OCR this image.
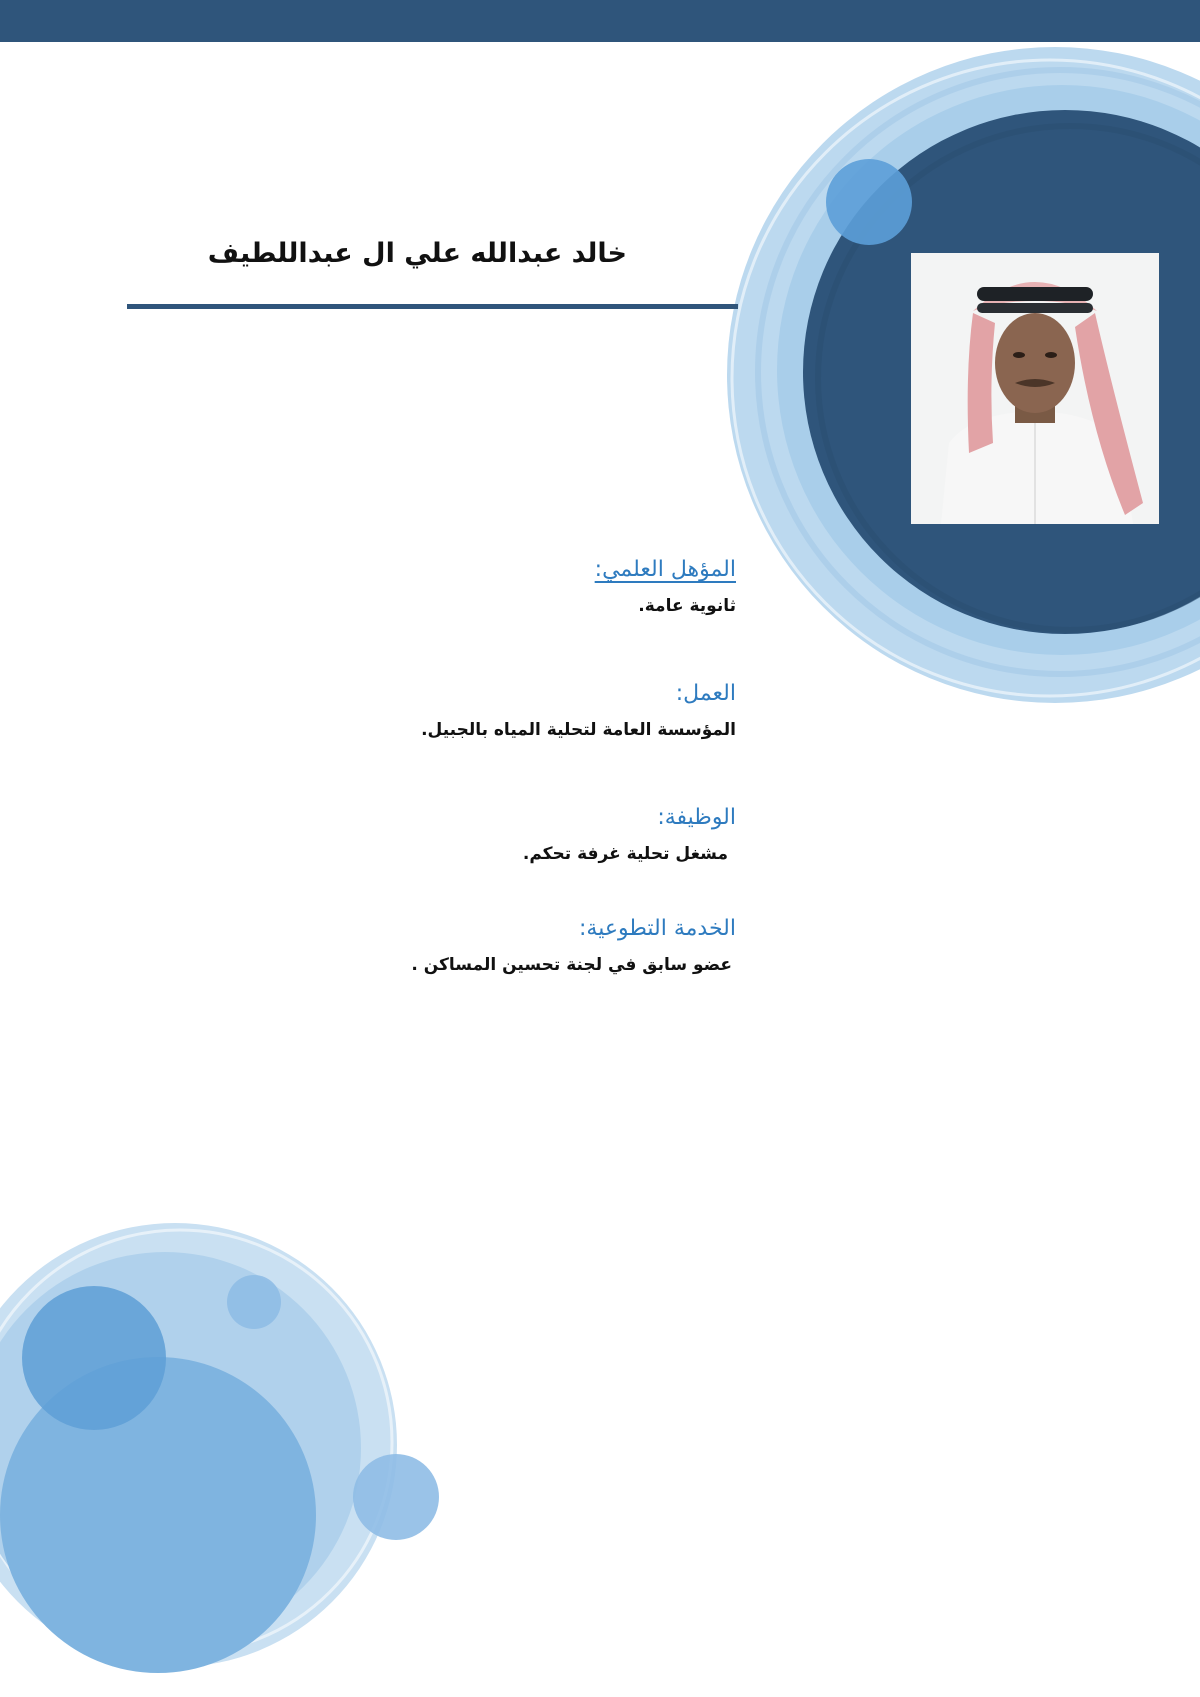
خالد عبدالله علي ال عبداللطيف
المؤهل العلمي:
ثانوية عامة.
العمل:
المؤسسة العامة لتحلية المياه بالجبيل.
الوظيفة:
مشغل تحلية غرفة تحكم.
الخدمة التطوعية:
عضو سابق في لجنة تحسين المساكن .
